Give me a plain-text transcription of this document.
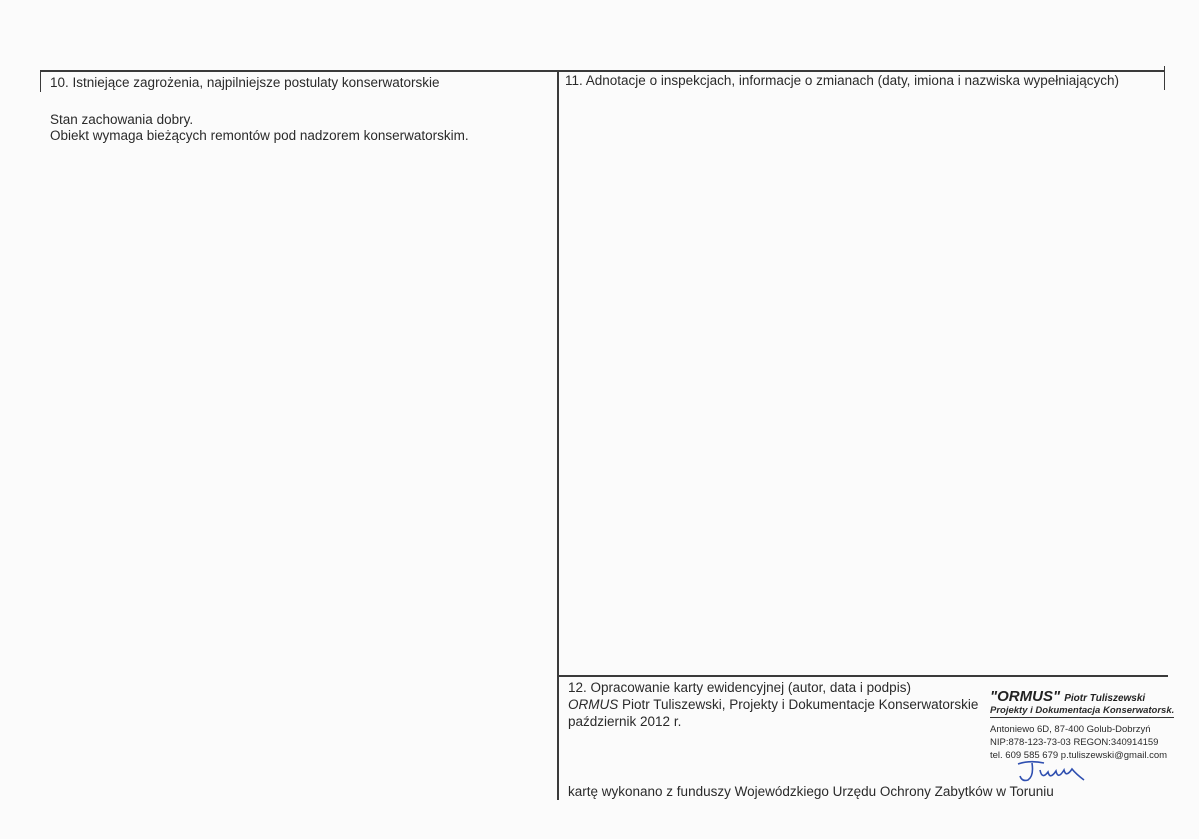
10. Istniejące zagrożenia, najpilniejsze postulaty konserwatorskie
Stan zachowania dobry.
Obiekt wymaga bieżących remontów pod nadzorem konserwatorskim.
11. Adnotacje o inspekcjach, informacje o zmianach (daty, imiona i nazwiska wypełniających)
12. Opracowanie karty ewidencyjnej (autor, data i podpis)
ORMUS Piotr Tuliszewski, Projekty i Dokumentacje Konserwatorskie
październik 2012 r.
kartę wykonano z funduszy Wojewódzkiego Urzędu Ochrony Zabytków w Toruniu
"ORMUS" Piotr Tuliszewski
Projekty i Dokumentacja Konserwatorsk.
Antoniewo 6D, 87-400 Golub-Dobrzyń
NIP:878-123-73-03 REGON:340914159
tel. 609 585 679 p.tuliszewski@gmail.com
